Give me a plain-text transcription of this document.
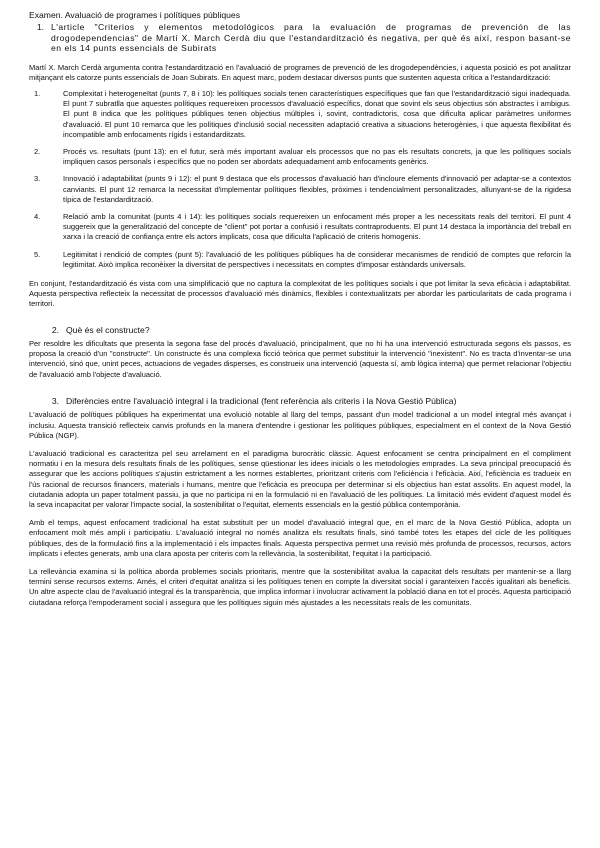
Examen. Avaluació de programes i polítiques públiques

1. L'article "Criterios y elementos metodológicos para la evaluación de programas de prevención de las drogodependencias" de Martí X. March Cerdà diu que l'estandardització és negativa, per què és així, respon basant-se en els 14 punts essencials de Subirats

Martí X. March Cerdà argumenta contra l'estandardització en l'avaluació de programes de prevenció de les drogodependències, i aquesta posició es pot analitzar mitjançant els catorze punts essencials de Joan Subirats. En aquest marc, podem destacar diversos punts que sustenten aquesta crítica a l'estandardització:

1.	Complexitat i heterogeneïtat (punts 7, 8 i 10): les polítiques socials tenen característiques específiques que fan que l'estandardització sigui inadequada. El punt 7 subratlla que aquestes polítiques requereixen processos d'avaluació específics, donat que sovint els seus objectius són abstractes i ambigus. El punt 8 indica que les polítiques públiques tenen objectius múltiples i, sovint, contradictoris, cosa que dificulta aplicar paràmetres uniformes d'avaluació. El punt 10 remarca que les polítiques d'inclusió social necessiten adaptació creativa a situacions heterogènies, i que aquesta flexibilitat és incompatible amb enfocaments rígids i estandarditzats.
2.	Procés vs. resultats (punt 13): en el futur, serà més important avaluar els processos que no pas els resultats concrets, ja que les polítiques socials impliquen casos personals i específics que no poden ser abordats adequadament amb enfocaments genèrics.
3.	Innovació i adaptabilitat (punts 9 i 12): el punt 9 destaca que els processos d'avaluació han d'incloure elements d'innovació per adaptar-se a contextos canviants. El punt 12 remarca la necessitat d'implementar polítiques flexibles, pròximes i tendencialment personalitzades, allunyant-se de la rigidesa típica de l'estandardització.
4.	Relació amb la comunitat (punts 4 i 14): les polítiques socials requereixen un enfocament més proper a les necessitats reals del territori. El punt 4 suggereix que la generalització del concepte de "client" pot portar a confusió i resultats contraproduents. El punt 14 destaca la importància del treball en xarxa i la creació de confiança entre els actors implicats, cosa que dificulta l'aplicació de criteris homogenis.
5.	Legitimitat i rendició de comptes (punt 5): l'avaluació de les polítiques públiques ha de considerar mecanismes de rendició de comptes que reforcin la legitimitat. Això implica reconèixer la diversitat de perspectives i necessitats en comptes d'imposar estàndards universals.

En conjunt, l'estandardització és vista com una simplificació que no captura la complexitat de les polítiques socials i que pot limitar la seva eficàcia i adaptabilitat. Aquesta perspectiva reflecteix la necessitat de processos d'avaluació més dinàmics, flexibles i contextualitzats per abordar les particularitats de cada programa i territori.

2. Què és el constructe?

Per resoldre les dificultats que presenta la segona fase del procés d'avaluació, principalment, que no hi ha una intervenció estructurada segons els passos, es proposa la creació d'un "constructe". Un constructe és una complexa ficció teòrica que permet substituir la intervenció "inexistent". No es tracta d'inventar-se una intervenció, sinó que, unint peces, actuacions de vegades disperses, es construeix una intervenció (aquesta sí, amb lògica interna) que permet relacionar l'objectiu de l'avaluació amb l'objecte d'avaluació.

3. Diferències entre l'avaluació integral i la tradicional (fent referència als criteris i la Nova Gestió Pública)

L'avaluació de polítiques públiques ha experimentat una evolució notable al llarg del temps, passant d'un model tradicional a un model integral més avançat i inclusiu. Aquesta transició reflecteix canvis profunds en la manera d'entendre i gestionar les polítiques públiques, especialment en el context de la Nova Gestió Pública (NGP).

L'avaluació tradicional es caracteritza pel seu arrelament en el paradigma burocràtic clàssic. Aquest enfocament se centra principalment en el compliment normatiu i en la mesura dels resultats finals de les polítiques, sense qüestionar les idees inicials o les metodologies emprades. La seva principal preocupació és assegurar que les accions polítiques s'ajustin estrictament a les normes establertes, prioritzant criteris com l'eficiència i l'eficàcia. Així, l'eficiència es tradueix en l'ús racional de recursos financers, materials i humans, mentre que l'eficàcia es preocupa per determinar si els objectius han estat assolits. En aquest model, la ciutadania adopta un paper totalment passiu, ja que no participa ni en la formulació ni en l'avaluació de les polítiques. La limitació més evident d'aquest model és la seva incapacitat per valorar l'impacte social, la sostenibilitat o l'equitat, elements essencials en la gestió pública contemporània.

Amb el temps, aquest enfocament tradicional ha estat substituït per un model d'avaluació integral que, en el marc de la Nova Gestió Pública, adopta un enfocament molt més ampli i participatiu. L'avaluació integral no només analitza els resultats finals, sinó també totes les etapes del cicle de les polítiques públiques, des de la formulació fins a la implementació i els impactes finals. Aquesta perspectiva permet una revisió més profunda de processos, recursos, actors implicats i efectes generats, amb una clara aposta per criteris com la rellevància, la sostenibilitat, l'equitat i la participació.

La rellevància examina si la política aborda problemes socials prioritaris, mentre que la sostenibilitat avalua la capacitat dels resultats per mantenir-se a llarg termini sense recursos externs. Amés, el criteri d'equitat analitza si les polítiques tenen en compte la diversitat social i garanteixen l'accés igualitari als beneficis. Un altre aspecte clau de l'avaluació integral és la transparència, que implica informar i involucrar activament la població diana en tot el procés. Aquesta participació ciutadana reforça l'empoderament social i assegura que les polítiques siguin més ajustades a les necessitats reals de les comunitats.
